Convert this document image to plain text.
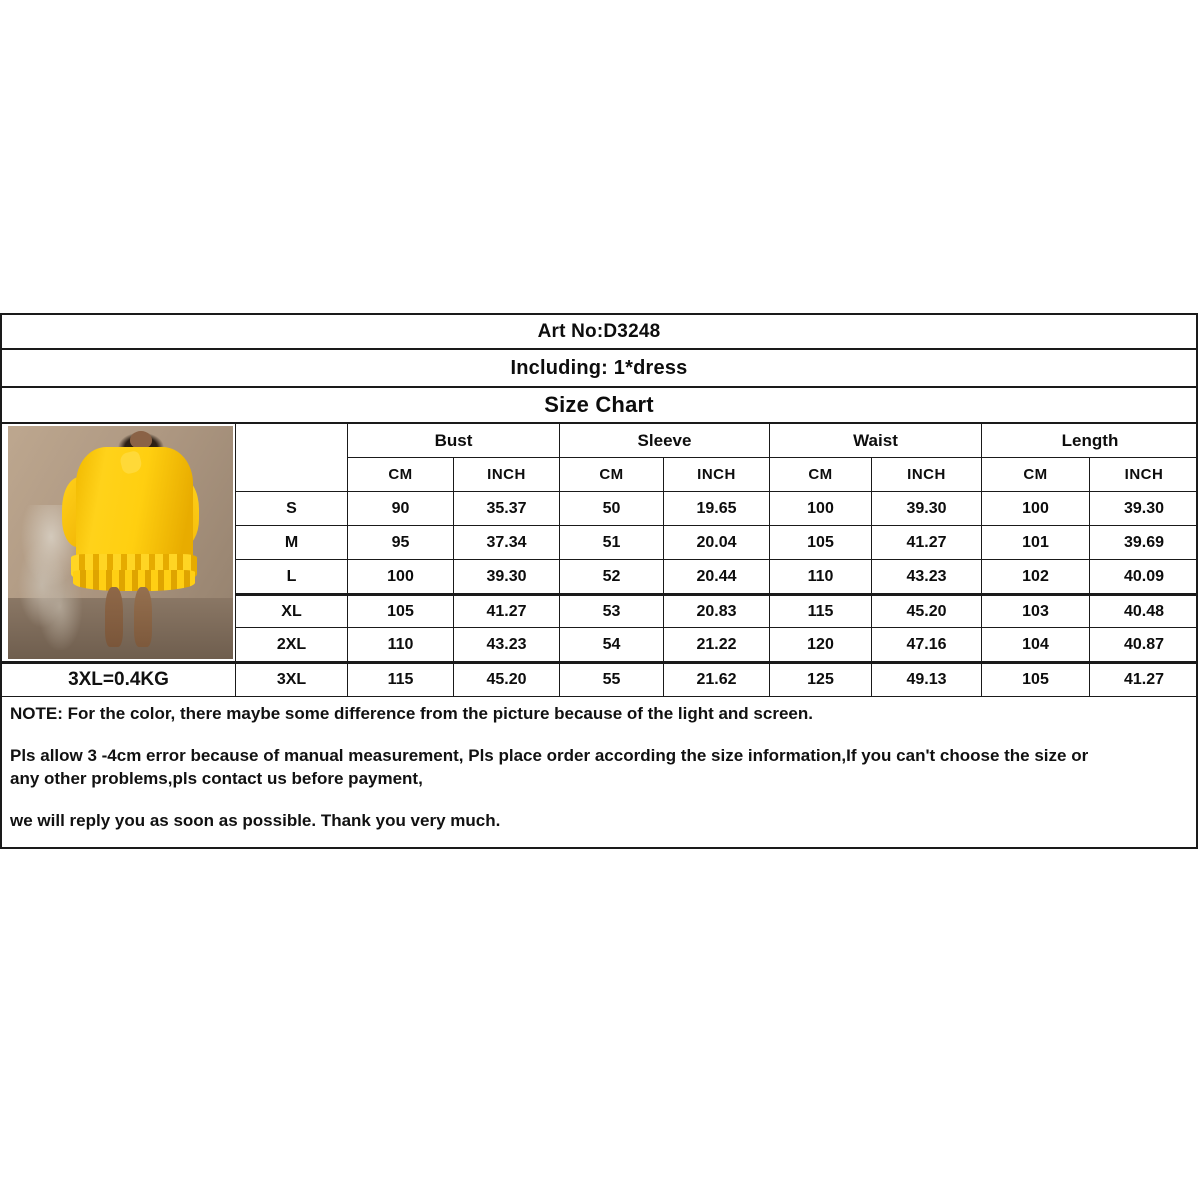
Art No:D3248
Including: 1*dress
Size Chart
Bust	Sleeve	Waist	Length
CM	INCH	CM	INCH	CM	INCH	CM	INCH
S	90	35.37	50	19.65	100	39.30	100	39.30
M	95	37.34	51	20.04	105	41.27	101	39.69
L	100	39.30	52	20.44	110	43.23	102	40.09
XL	105	41.27	53	20.83	115	45.20	103	40.48
2XL	110	43.23	54	21.22	120	47.16	104	40.87
3XL=0.4KG	3XL	115	45.20	55	21.62	125	49.13	105	41.27

NOTE: For the color, there maybe some difference from the picture because of the light and screen.

Pls allow 3 -4cm error because of manual measurement, Pls place order according the size information,If you can't choose the size or

any other problems,pls contact us before payment,

we will reply you as soon as possible. Thank you very much.
